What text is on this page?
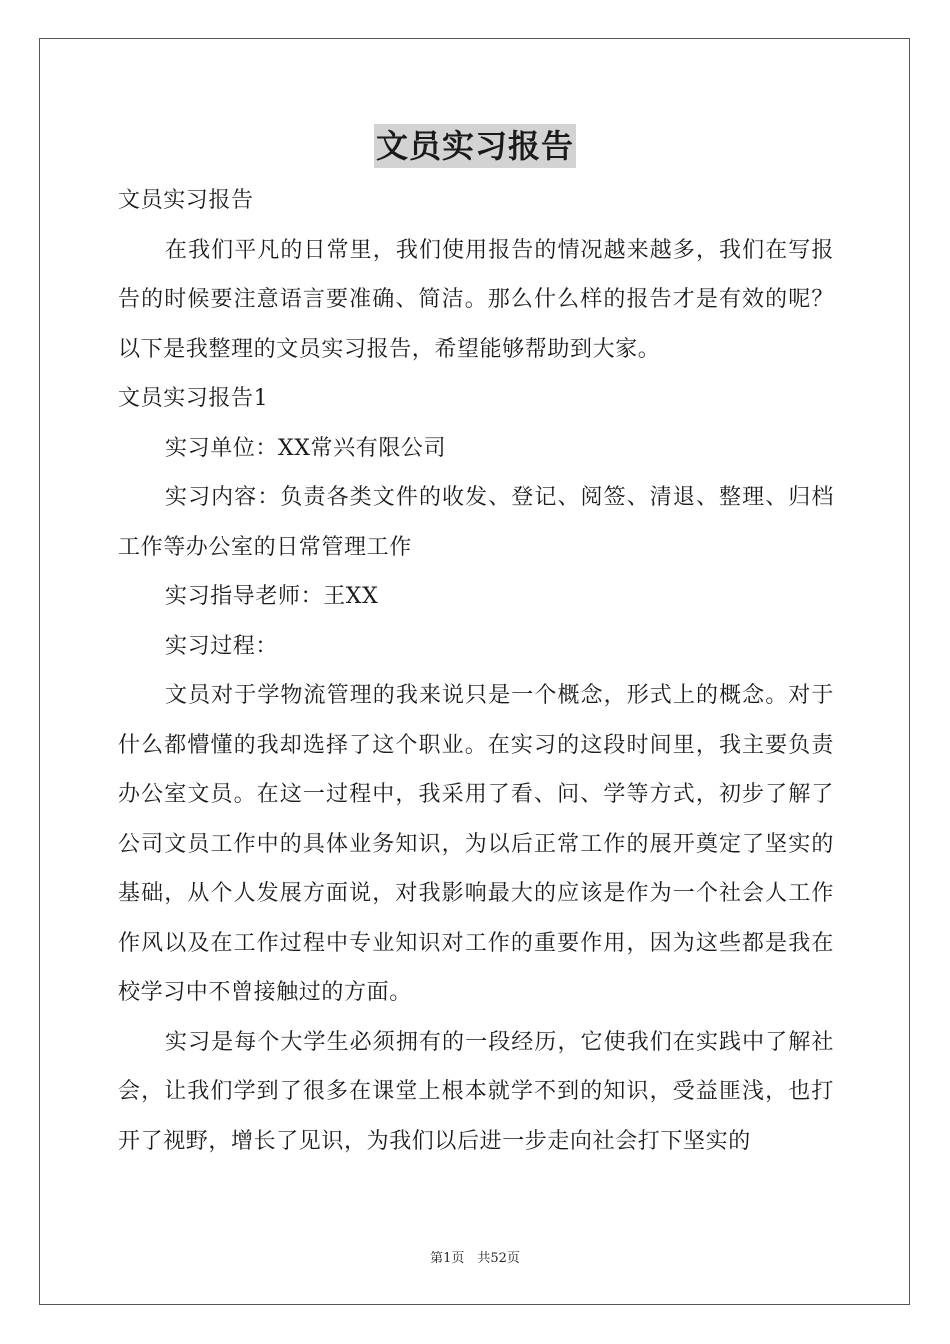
文员实习报告

文员实习报告

在我们平凡的日常里，我们使用报告的情况越来越多，我们在写报告的时候要注意语言要准确、简洁。那么什么样的报告才是有效的呢？以下是我整理的文员实习报告，希望能够帮助到大家。

文员实习报告1

实习单位：XX常兴有限公司

实习内容：负责各类文件的收发、登记、阅签、清退、整理、归档工作等办公室的日常管理工作

实习指导老师：王XX

实习过程：

文员对于学物流管理的我来说只是一个概念，形式上的概念。对于什么都懵懂的我却选择了这个职业。在实习的这段时间里，我主要负责办公室文员。在这一过程中，我采用了看、问、学等方式，初步了解了公司文员工作中的具体业务知识，为以后正常工作的展开奠定了坚实的基础，从个人发展方面说，对我影响最大的应该是作为一个社会人工作作风以及在工作过程中专业知识对工作的重要作用，因为这些都是我在校学习中不曾接触过的方面。

实习是每个大学生必须拥有的一段经历，它使我们在实践中了解社会，让我们学到了很多在课堂上根本就学不到的知识，受益匪浅，也打开了视野，增长了见识，为我们以后进一步走向社会打下坚实的

第1页　共52页
